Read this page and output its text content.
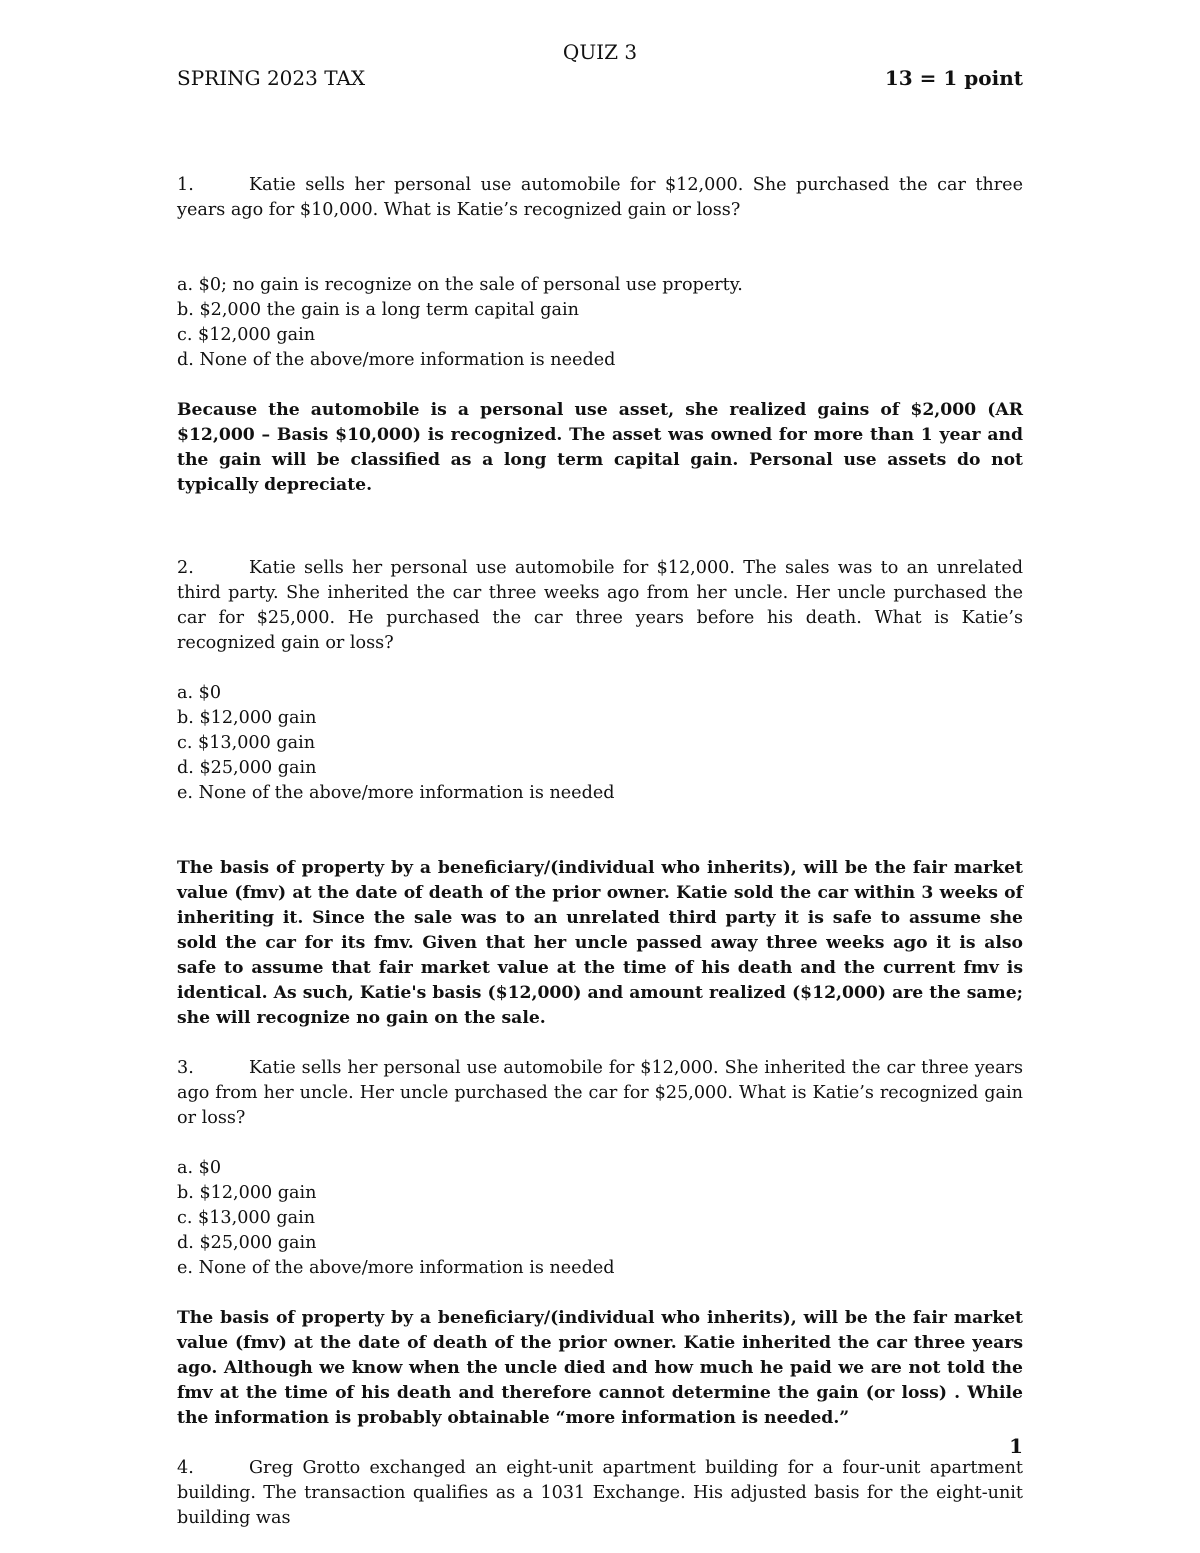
QUIZ 3
SPRING 2023 TAX	13 = 1 point

1.	Katie sells her personal use automobile for $12,000. She purchased the car three years ago for $10,000. What is Katie’s recognized gain or loss?

a. $0; no gain is recognize on the sale of personal use property.
b. $2,000 the gain is a long term capital gain
c. $12,000 gain
d. None of the above/more information is needed

Because the automobile is a personal use asset, she realized gains of $2,000 (AR $12,000 – Basis $10,000) is recognized. The asset was owned for more than 1 year and the gain will be classified as a long term capital gain. Personal use assets do not typically depreciate.

2.	Katie sells her personal use automobile for $12,000. The sales was to an unrelated third party. She inherited the car three weeks ago from her uncle. Her uncle purchased the car for $25,000. He purchased the car three years before his death. What is Katie’s recognized gain or loss?

a. $0
b. $12,000 gain
c. $13,000 gain
d. $25,000 gain
e. None of the above/more information is needed

The basis of property by a beneficiary/(individual who inherits), will be the fair market value (fmv) at the date of death of the prior owner. Katie sold the car within 3 weeks of inheriting it. Since the sale was to an unrelated third party it is safe to assume she sold the car for its fmv. Given that her uncle passed away three weeks ago it is also safe to assume that fair market value at the time of his death and the current fmv is identical. As such, Katie's basis ($12,000) and amount realized ($12,000) are the same; she will recognize no gain on the sale.

3.	Katie sells her personal use automobile for $12,000. She inherited the car three years ago from her uncle. Her uncle purchased the car for $25,000. What is Katie’s recognized gain or loss?

a. $0
b. $12,000 gain
c. $13,000 gain
d. $25,000 gain
e. None of the above/more information is needed

The basis of property by a beneficiary/(individual who inherits), will be the fair market value (fmv) at the date of death of the prior owner. Katie inherited the car three years ago. Although we know when the uncle died and how much he paid we are not told the fmv at the time of his death and therefore cannot determine the gain (or loss) . While the information is probably obtainable “more information is needed.”

4.	Greg Grotto exchanged an eight-unit apartment building for a four-unit apartment building. The transaction qualifies as a 1031 Exchange. His adjusted basis for the eight-unit building was

1
